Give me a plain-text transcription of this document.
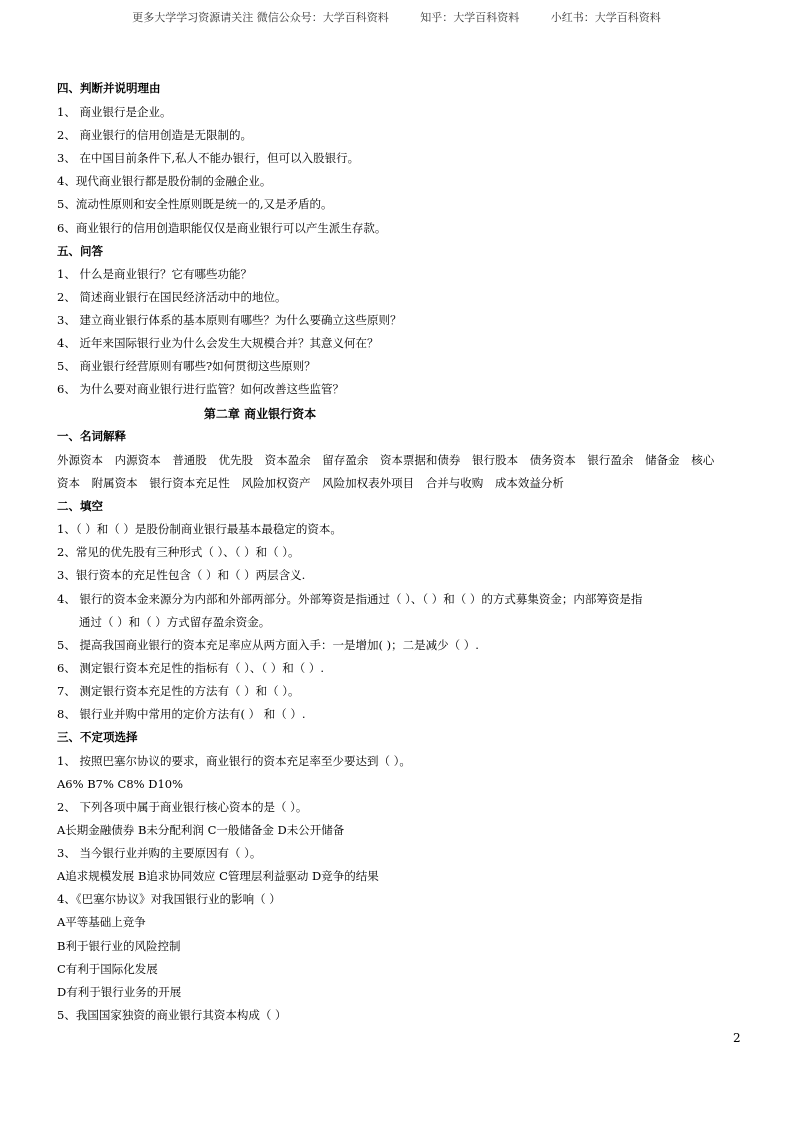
更多大学学习资源请关注 微信公众号：大学百科资料         知乎：大学百科资料         小红书：大学百科资料
四、判断并说明理由
1、 商业银行是企业。
2、 商业银行的信用创造是无限制的。
3、 在中国目前条件下,私人不能办银行，但可以入股银行。
4、现代商业银行都是股份制的金融企业。
5、流动性原则和安全性原则既是统一的,又是矛盾的。
6、商业银行的信用创造职能仅仅是商业银行可以产生派生存款。
五、问答
1、 什么是商业银行？它有哪些功能？
2、 简述商业银行在国民经济活动中的地位。
3、 建立商业银行体系的基本原则有哪些？为什么要确立这些原则？
4、 近年来国际银行业为什么会发生大规模合并？其意义何在？
5、 商业银行经营原则有哪些?如何贯彻这些原则？
6、 为什么要对商业银行进行监管？如何改善这些监管？
第二章 商业银行资本
一、名词解释
外源资本 内源资本 普通股 优先股 资本盈余 留存盈余 资本票据和债券 银行股本 债务资本 银行盈余 储备金 核心
资本 附属资本 银行资本充足性 风险加权资产 风险加权表外项目 合并与收购 成本效益分析
二、填空
1、（ ）和（ ）是股份制商业银行最基本最稳定的资本。
2、常见的优先股有三种形式（ ）、（ ）和（ ）。
3、银行资本的充足性包含（ ）和（ ）两层含义.
4、 银行的资本金来源分为内部和外部两部分。外部筹资是指通过（ ）、（ ）和（ ）的方式募集资金；内部筹资是指
通过（ ）和（ ）方式留存盈余资金。
5、 提高我国商业银行的资本充足率应从两方面入手：一是增加( )；二是减少（ ）.
6、 测定银行资本充足性的指标有（ ）、（ ）和（ ）.
7、 测定银行资本充足性的方法有（ ）和（ ）。
8、 银行业并购中常用的定价方法有( ） 和（ ）.
三、不定项选择
1、 按照巴塞尔协议的要求，商业银行的资本充足率至少要达到（ ）。
A6% B7% C8% D10%
2、 下列各项中属于商业银行核心资本的是（ ）。
A长期金融债券 B未分配利润 C一般储备金 D未公开储备
3、 当今银行业并购的主要原因有（ ）。
A追求规模发展 B追求协同效应 C管理层利益驱动 D竞争的结果
4、《巴塞尔协议》对我国银行业的影响（ ）
A平等基础上竞争
B利于银行业的风险控制
C有利于国际化发展
D有利于银行业务的开展
5、我国国家独资的商业银行其资本构成（ ）
2
